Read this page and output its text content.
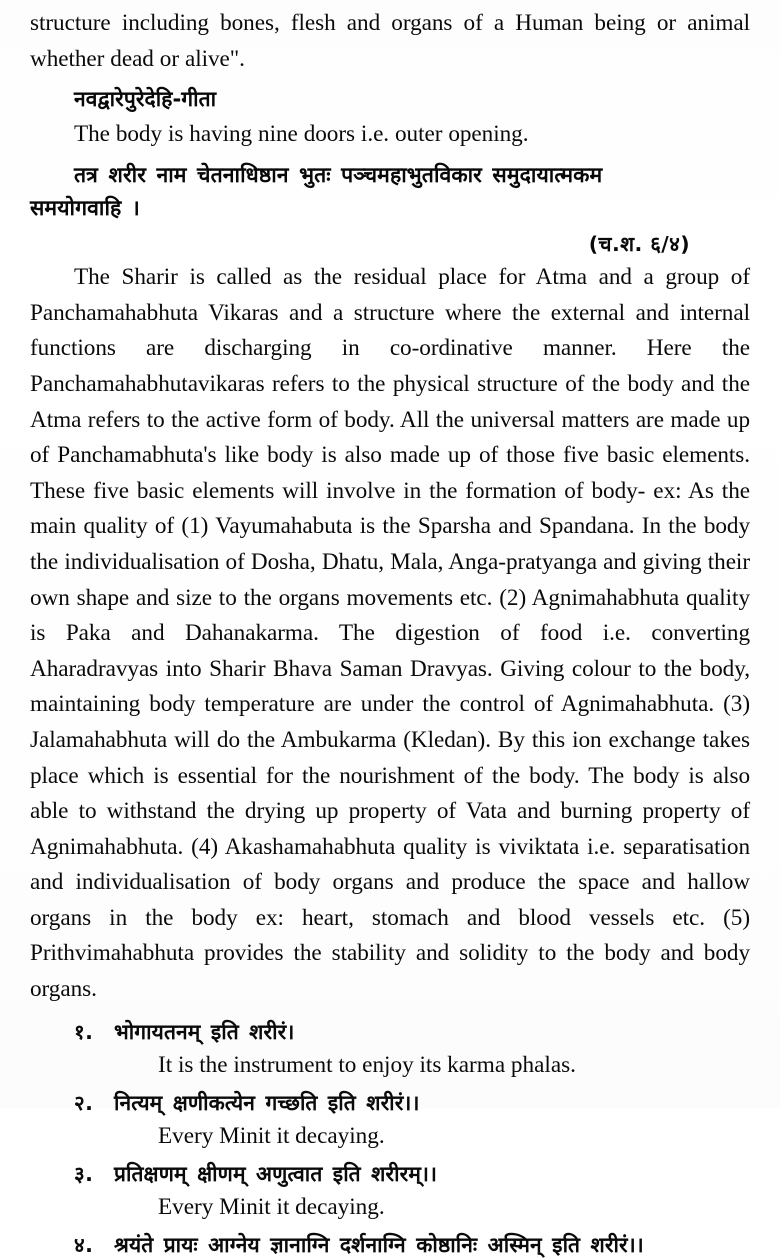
structure including bones, flesh and organs of a Human being or animal whether dead or alive".

नवद्वारेपुरेदेहि-गीता

The body is having nine doors i.e. outer opening.

तत्र शरीर नाम चेतनाधिष्ठान भुतः पञ्चमहाभुतविकार समुदायात्मकम
समयोगवाहि ।
(च.श. ६/४)

The Sharir is called as the residual place for Atma and a group of Panchamahabhuta Vikaras and a structure where the external and internal functions are discharging in co-ordinative manner. Here the Panchamahabhutavikaras refers to the physical structure of the body and the Atma refers to the active form of body. All the universal matters are made up of Panchamabhuta's like body is also made up of those five basic elements. These five basic elements will involve in the formation of body- ex: As the main quality of (1) Vayumahabuta is the Sparsha and Spandana. In the body the individualisation of Dosha, Dhatu, Mala, Anga-pratyanga and giving their own shape and size to the organs movements etc. (2) Agnimahabhuta quality is Paka and Dahanakarma. The digestion of food i.e. converting Aharadravyas into Sharir Bhava Saman Dravyas. Giving colour to the body, maintaining body temperature are under the control of Agnimahabhuta. (3) Jalamahabhuta will do the Ambukarma (Kledan). By this ion exchange takes place which is essential for the nourishment of the body. The body is also able to withstand the drying up property of Vata and burning property of Agnimahabhuta. (4) Akashamahabhuta quality is viviktata i.e. separatisation and individualisation of body organs and produce the space and hallow organs in the body ex: heart, stomach and blood vessels etc. (5) Prithvimahabhuta provides the stability and solidity to the body and body organs.

१. भोगायतनम् इति शरीरं।
It is the instrument to enjoy its karma phalas.
२. नित्यम् क्षणीकत्येन गच्छति इति शरीरं।।
Every Minit it decaying.
३. प्रतिक्षणम् क्षीणम् अणुत्वात इति शरीरम्।।
Every Minit it decaying.
४. श्रयंते प्रायः आग्नेय ज्ञानाग्नि दर्शनाग्नि कोष्ठानिः अस्मिन् इति शरीरं।।
